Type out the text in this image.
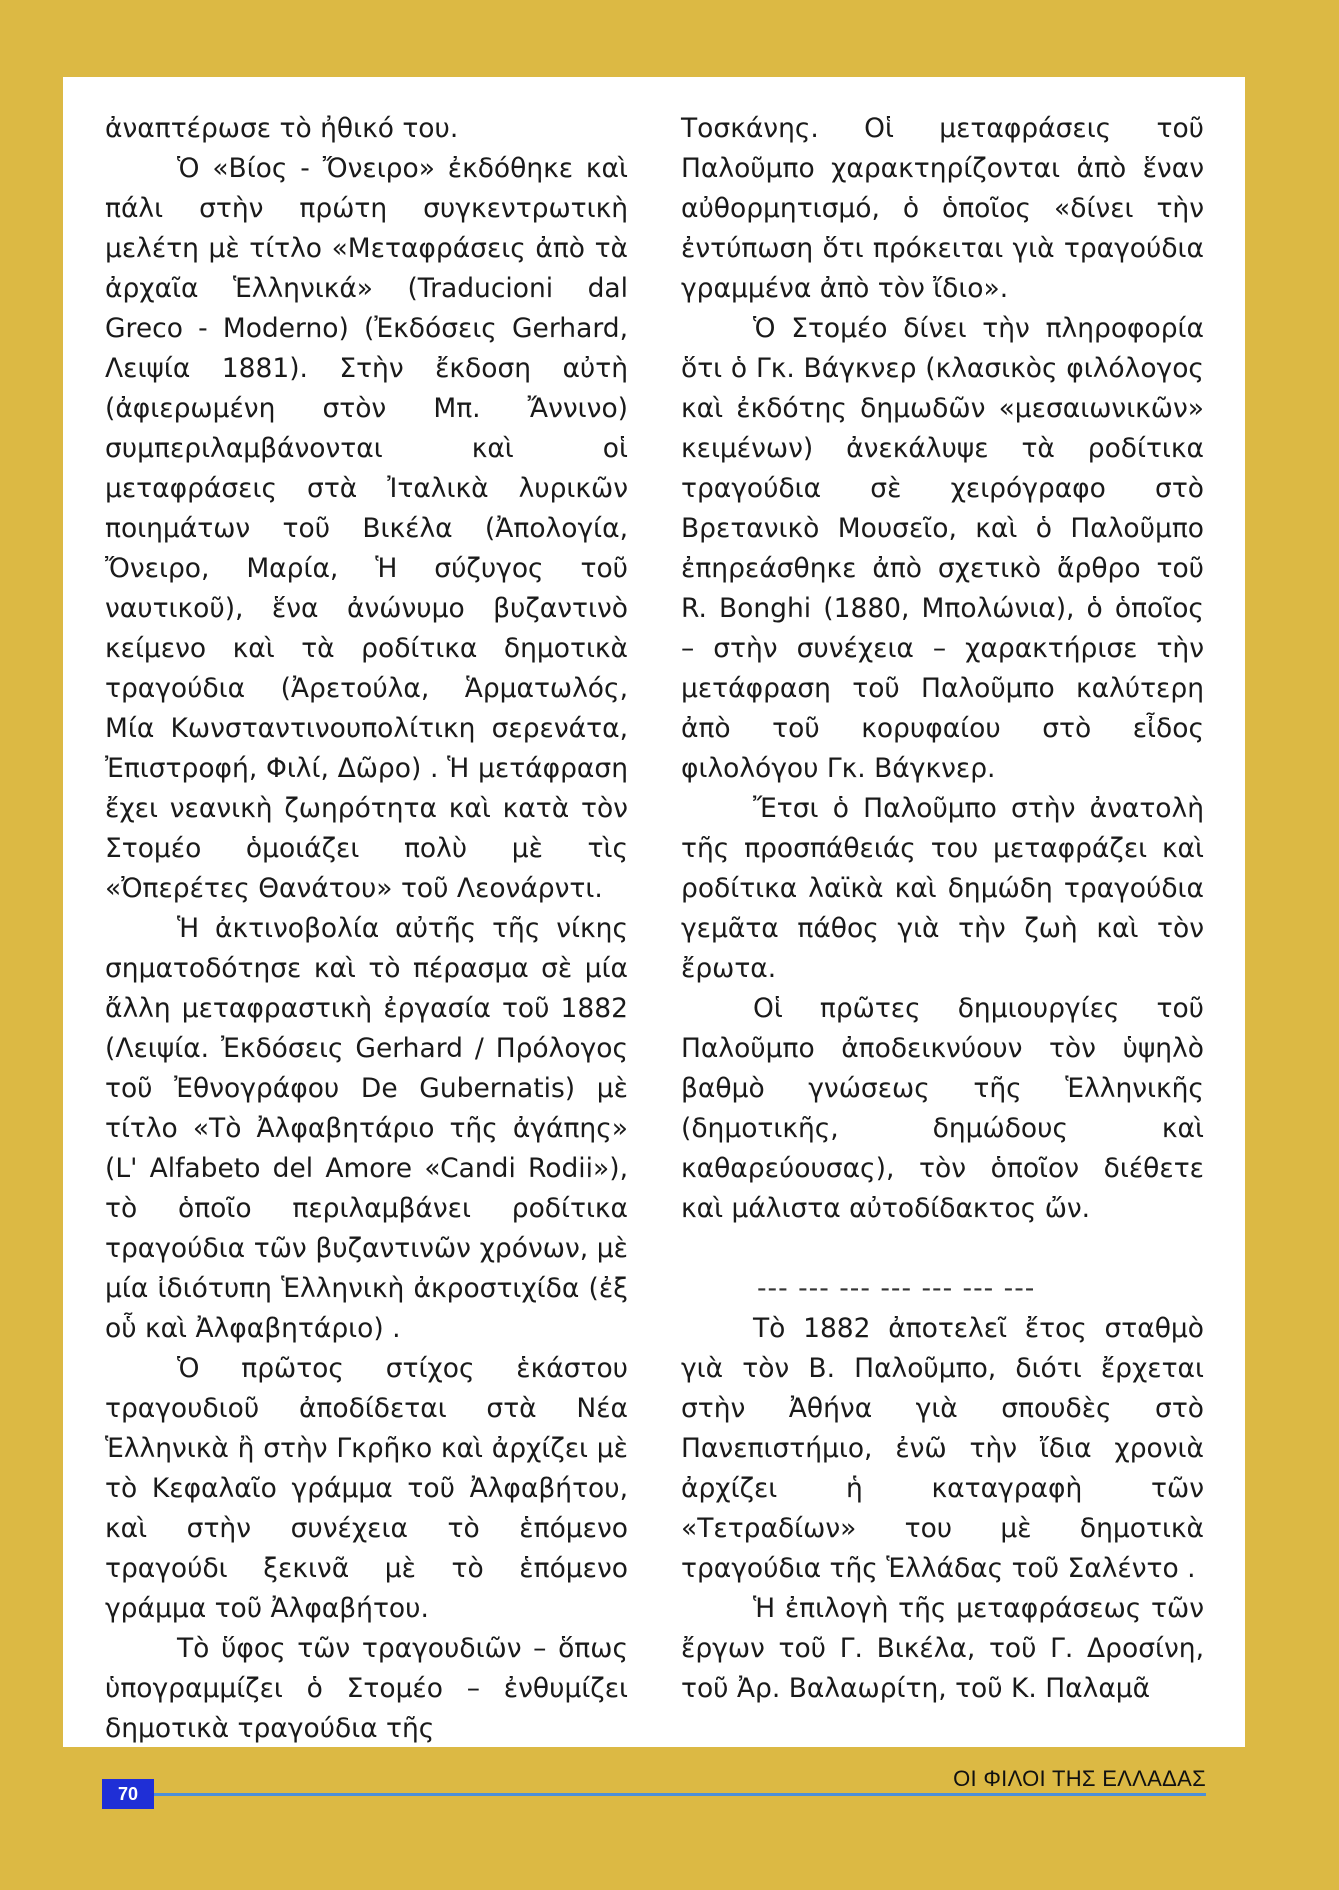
ἀναπτέρωσε τὸ ἠθικό του.

Ὁ «Βίος - Ὄνειρο» ἐκδόθηκε καὶ πάλι στὴν πρώτη συγκεντρωτικὴ μελέτη μὲ τίτλο «Μεταφράσεις ἀπὸ τὰ ἀρχαῖα Ἑλληνικά» (Traducioni dal Greco - Moderno) (Ἐκδόσεις Gerhard, Λειψία 1881). Στὴν ἔκδοση αὐτὴ (ἀφιερωμένη στὸν Μπ. Ἄννινο) συμπεριλαμβάνονται καὶ οἱ μεταφράσεις στὰ Ἰταλικὰ λυρικῶν ποιημάτων τοῦ Βικέλα (Ἀπολογία, Ὄνειρο, Μαρία, Ἡ σύζυγος τοῦ ναυτικοῦ), ἕνα ἀνώνυμο βυζαντινὸ κείμενο καὶ τὰ ροδίτικα δημοτικὰ τραγούδια (Ἀρετούλα, Ἁρματωλός, Μία Κωνσταντινουπολίτικη σερενάτα, Ἐπιστροφή, Φιλί, Δῶρο) . Ἡ μετάφραση ἔχει νεανικὴ ζωηρότητα καὶ κατὰ τὸν Στομέο ὁμοιάζει πολὺ μὲ τὶς «Ὀπερέτες Θανάτου» τοῦ Λεονάρντι.

Ἡ ἀκτινοβολία αὐτῆς τῆς νίκης σηματοδότησε καὶ τὸ πέρασμα σὲ μία ἄλλη μεταφραστικὴ ἐργασία τοῦ 1882 (Λειψία. Ἐκδόσεις Gerhard / Πρόλογος τοῦ Ἐθνογράφου De Gubernatis) μὲ τίτλο «Τὸ Ἀλφαβητάριο τῆς ἀγάπης» (L' Alfabeto del Amore «Candi Rodii»), τὸ ὁποῖο περιλαμβάνει ροδίτικα τραγούδια τῶν βυζαντινῶν χρόνων, μὲ μία ἰδιότυπη Ἑλληνικὴ ἀκροστιχίδα (ἐξ οὗ καὶ Ἀλφαβητάριο) .

Ὁ πρῶτος στίχος ἑκάστου τραγουδιοῦ ἀποδίδεται στὰ Νέα Ἑλληνικὰ ἢ στὴν Γκρῆκο καὶ ἀρχίζει μὲ τὸ Κεφαλαῖο γράμμα τοῦ Ἀλφαβήτου, καὶ στὴν συνέχεια τὸ ἑπόμενο τραγούδι ξεκινᾶ μὲ τὸ ἑπόμενο γράμμα τοῦ Ἀλφαβήτου.

Τὸ ὕφος τῶν τραγουδιῶν – ὅπως ὑπογραμμίζει ὁ Στομέο – ἐνθυμίζει δημοτικὰ τραγούδια τῆς

Τοσκάνης. Οἱ μεταφράσεις τοῦ Παλοῦμπο χαρακτηρίζονται ἀπὸ ἕναν αὐθορμητισμό, ὁ ὁποῖος «δίνει τὴν ἐντύπωση ὅτι πρόκειται γιὰ τραγούδια γραμμένα ἀπὸ τὸν ἴδιο».

Ὁ Στομέο δίνει τὴν πληροφορία ὅτι ὁ Γκ. Βάγκνερ (κλασικὸς φιλόλογος καὶ ἐκδότης δημωδῶν «μεσαιωνικῶν» κειμένων) ἀνεκάλυψε τὰ ροδίτικα τραγούδια σὲ χειρόγραφο στὸ Βρετανικὸ Μουσεῖο, καὶ ὁ Παλοῦμπο ἐπηρεάσθηκε ἀπὸ σχετικὸ ἄρθρο τοῦ R. Bonghi (1880, Μπολώνια), ὁ ὁποῖος – στὴν συνέχεια – χαρακτήρισε τὴν μετάφραση τοῦ Παλοῦμπο καλύτερη ἀπὸ τοῦ κορυφαίου στὸ εἶδος φιλολόγου Γκ. Βάγκνερ.

Ἔτσι ὁ Παλοῦμπο στὴν ἀνατολὴ τῆς προσπάθειάς του μεταφράζει καὶ ροδίτικα λαϊκὰ καὶ δημώδη τραγούδια γεμᾶτα πάθος γιὰ τὴν ζωὴ καὶ τὸν ἔρωτα.

Οἱ πρῶτες δημιουργίες τοῦ Παλοῦμπο ἀποδεικνύουν τὸν ὑψηλὸ βαθμὸ γνώσεως τῆς Ἑλληνικῆς (δημοτικῆς, δημώδους καὶ καθαρεύουσας), τὸν ὁποῖον διέθετε καὶ μάλιστα αὐτοδίδακτος ὤν.

--- --- --- --- --- --- ---

Τὸ 1882 ἀποτελεῖ ἔτος σταθμὸ γιὰ τὸν Β. Παλοῦμπο, διότι ἔρχεται στὴν Ἀθήνα γιὰ σπουδὲς στὸ Πανεπιστήμιο, ἐνῶ τὴν ἴδια χρονιὰ ἀρχίζει ἡ καταγραφὴ τῶν «Τετραδίων» του μὲ δημοτικὰ τραγούδια τῆς Ἑλλάδας τοῦ Σαλέντο .

Ἡ ἐπιλογὴ τῆς μεταφράσεως τῶν ἔργων τοῦ Γ. Βικέλα, τοῦ Γ. Δροσίνη, τοῦ Ἀρ. Βαλαωρίτη, τοῦ Κ. Παλαμᾶ

70
ΟΙ ΦΙΛΟΙ ΤΗΣ ΕΛΛΑΔΑΣ
